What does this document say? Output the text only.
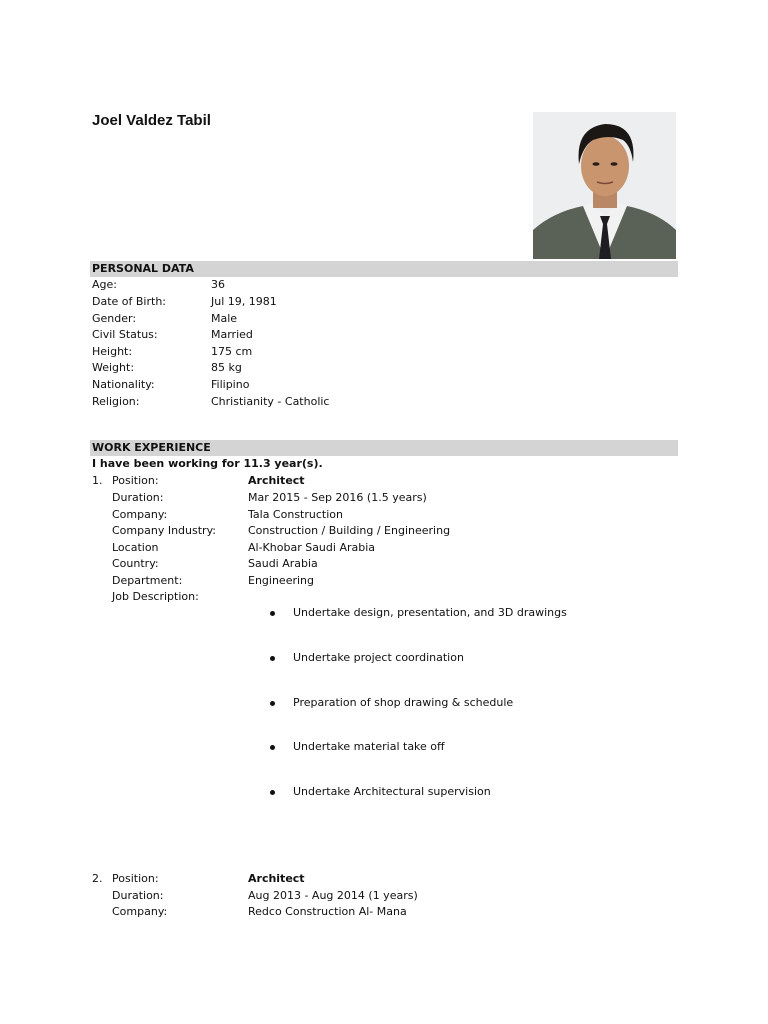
Joel Valdez Tabil
PERSONAL DATA
Age:	36
Date of Birth:	Jul 19, 1981
Gender:	Male
Civil Status:	Married
Height:	175 cm
Weight:	85 kg
Nationality:	Filipino
Religion:	Christianity - Catholic
WORK EXPERIENCE
I have been working for 11.3 year(s).
1. Position:	Architect
Duration:	Mar 2015 - Sep 2016 (1.5 years)
Company:	Tala Construction
Company Industry:	Construction / Building / Engineering
Location	Al-Khobar Saudi Arabia
Country:	Saudi Arabia
Department:	Engineering
Job Description:
Undertake design, presentation, and 3D drawings
Undertake project coordination
Preparation of shop drawing & schedule
Undertake material take off
Undertake Architectural supervision
2. Position:	Architect
Duration:	Aug 2013 - Aug 2014 (1 years)
Company:	Redco Construction Al- Mana
